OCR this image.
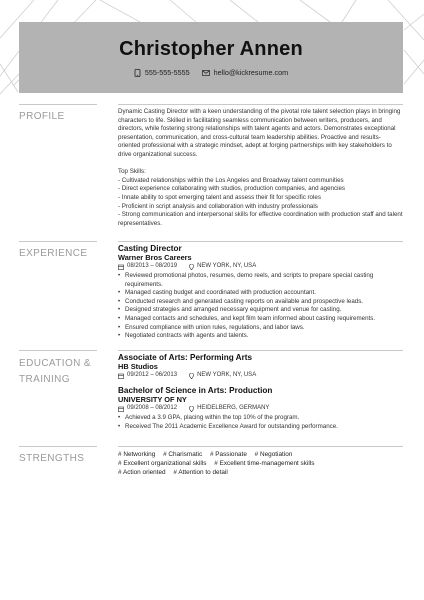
Christopher Annen
555-555-5555	hello@kickresume.com
PROFILE	Dynamic Casting Director with a keen understanding of the pivotal role talent selection plays in bringing characters to life. Skilled in facilitating seamless communication between writers, producers, and directors, while fostering strong relationships with talent agents and actors. Demonstrates exceptional presentation, communication, and cross-cultural team leadership abilities. Proactive and results-oriented professional with a strategic mindset, adept at forging partnerships with key stakeholders to drive organizational success.

Top Skills:
- Cultivated relationships within the Los Angeles and Broadway talent communities
- Direct experience collaborating with studios, production companies, and agencies
- Innate ability to spot emerging talent and assess their fit for specific roles
- Proficient in script analysis and collaboration with industry professionals
- Strong communication and interpersonal skills for effective coordination with production staff and talent representatives.
EXPERIENCE	Casting Director
Warner Bros Careers
08/2013 – 08/2019	NEW YORK, NY, USA
• Reviewed promotional photos, resumes, demo reels, and scripts to prepare special casting requirements.
• Managed casting budget and coordinated with production accountant.
• Conducted research and generated casting reports on available and prospective leads.
• Designed strategies and arranged necessary equipment and venue for casting.
• Managed contacts and schedules, and kept film team informed about casting requirements.
• Ensured compliance with union rules, regulations, and labor laws.
• Negotiated contracts with agents and talents.
EDUCATION &
TRAINING
Associate of Arts: Performing Arts
HB Studios
09/2012 – 06/2013	NEW YORK, NY, USA
Bachelor of Science in Arts: Production
UNIVERSITY OF NY
09/2008 – 08/2012	HEIDELBERG, GERMANY
• Achieved a 3.9 GPA, placing within the top 10% of the program.
• Received The 2011 Academic Excellence Award for outstanding performance.
STRENGTHS	# Networking # Charismatic # Passionate # Negotiation
# Excellent organizational skills # Excellent time-management skills
# Action oriented # Attention to detail
